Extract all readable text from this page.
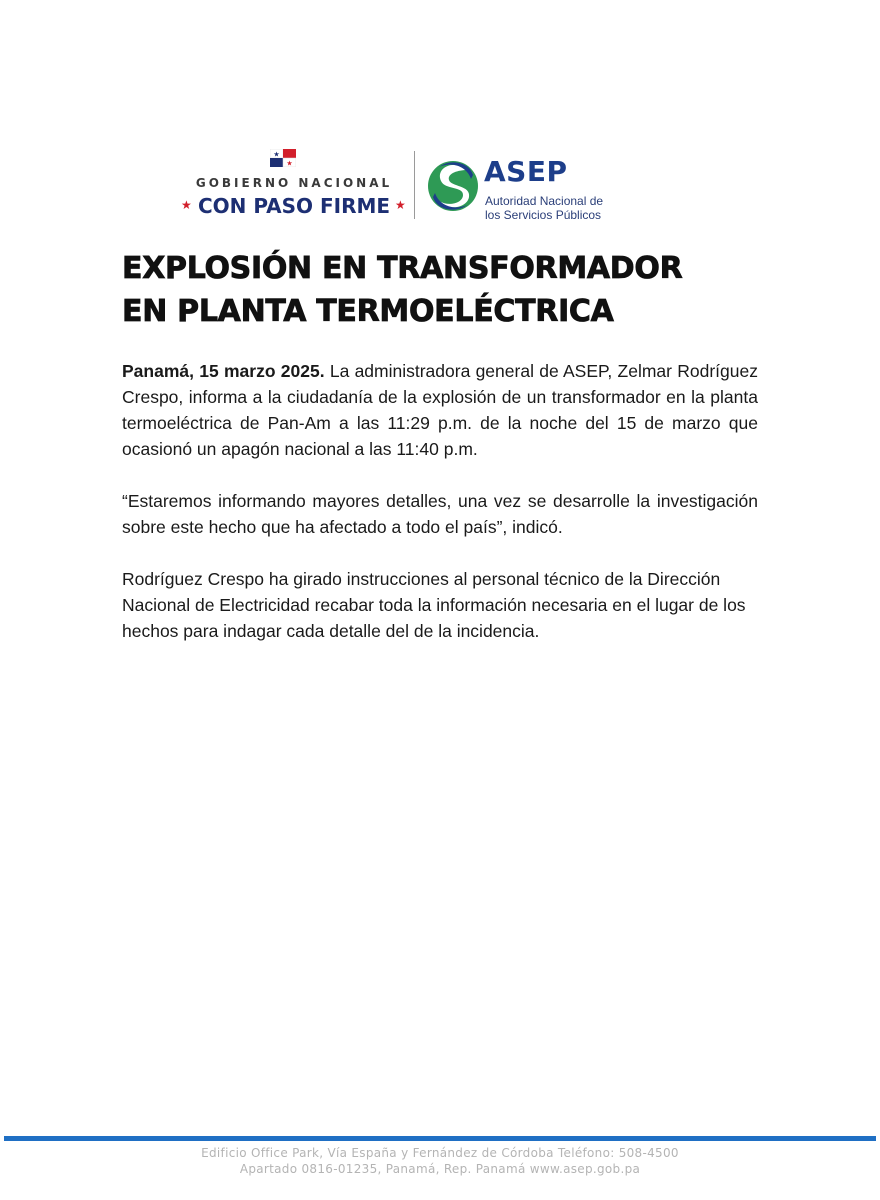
★
★
GOBIERNO NACIONAL
★ CON PASO FIRME ★
ASEP
Autoridad Nacional de
los Servicios Públicos
EXPLOSIÓN EN TRANSFORMADOR
EN PLANTA TERMOELÉCTRICA

Panamá, 15 marzo 2025. La administradora general de ASEP, Zelmar Rodríguez Crespo, informa a la ciudadanía de la explosión de un transformador en la planta termoeléctrica de Pan-Am a las 11:29 p.m. de la noche del 15 de marzo que ocasionó un apagón nacional a las 11:40 p.m.

“Estaremos informando mayores detalles, una vez se desarrolle la investigación sobre este hecho que ha afectado a todo el país”, indicó.

Rodríguez Crespo ha girado instrucciones al personal técnico de la Dirección Nacional de Electricidad recabar toda la información necesaria en el lugar de los hechos para indagar cada detalle del de la incidencia.

Edificio Office Park, Vía España y Fernández de Córdoba Teléfono: 508-4500
Apartado 0816-01235, Panamá, Rep. Panamá www.asep.gob.pa
